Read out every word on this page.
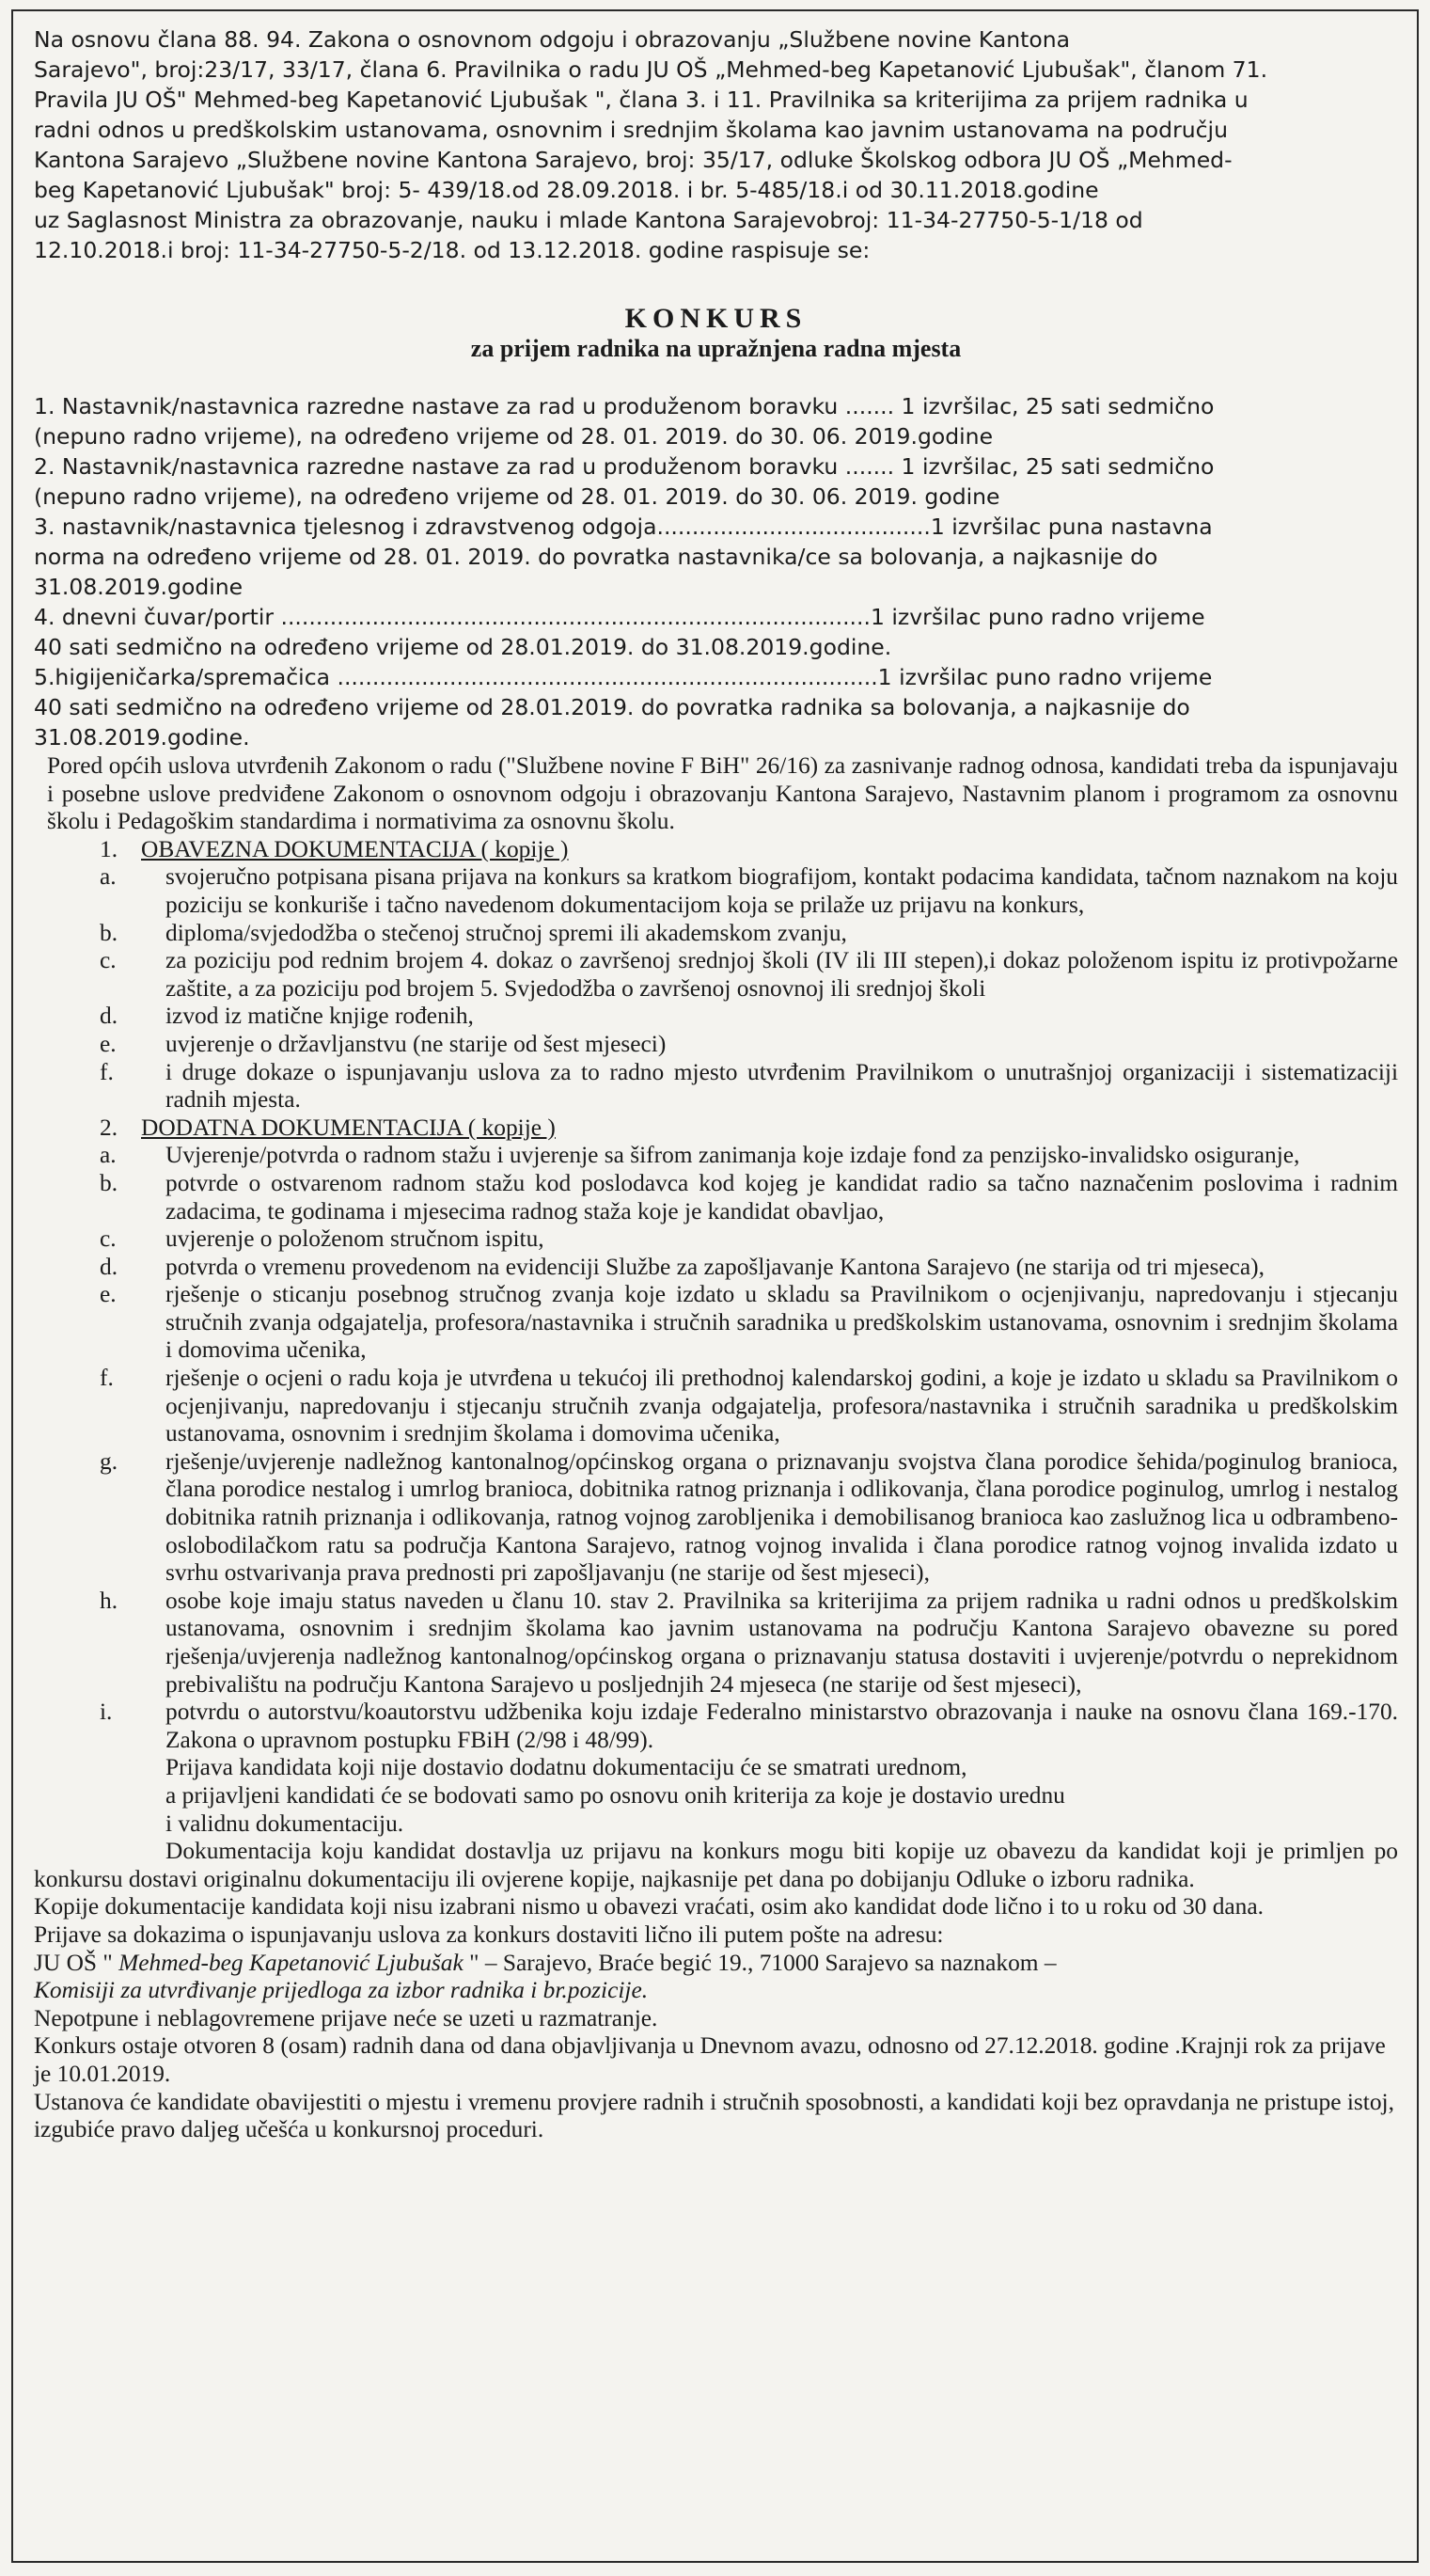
Na osnovu člana 88. 94. Zakona o osnovnom odgoju i obrazovanju „Službene novine Kantona

Sarajevo", broj:23/17, 33/17, člana 6. Pravilnika o radu JU OŠ „Mehmed-beg Kapetanović Ljubušak", članom 71.

Pravila JU OŠ" Mehmed-beg Kapetanović Ljubušak ", člana 3. i 11. Pravilnika sa kriterijima za prijem radnika u

radni odnos u predškolskim ustanovama, osnovnim i srednjim školama kao javnim ustanovama na području

Kantona Sarajevo „Službene novine Kantona Sarajevo, broj: 35/17, odluke Školskog odbora JU OŠ „Mehmed-

beg Kapetanović Ljubušak" broj: 5- 439/18.od 28.09.2018. i br. 5-485/18.i od 30.11.2018.godine

uz Saglasnost Ministra za obrazovanje, nauku i mlade Kantona Sarajevobroj: 11-34-27750-5-1/18 od

12.10.2018.i broj: 11-34-27750-5-2/18. od 13.12.2018. godine raspisuje se:

KONKURS
za prijem radnika na upražnjena radna mjesta

1. Nastavnik/nastavnica razredne nastave za rad u produženom boravku ....... 1 izvršilac, 25 sati sedmično

(nepuno radno vrijeme), na određeno vrijeme od 28. 01. 2019. do 30. 06. 2019.godine

2. Nastavnik/nastavnica razredne nastave za rad u produženom boravku ....... 1 izvršilac, 25 sati sedmično

(nepuno radno vrijeme), na određeno vrijeme od 28. 01. 2019. do 30. 06. 2019. godine

3. nastavnik/nastavnica tjelesnog i zdravstvenog odgoja.......................................1 izvršilac puna nastavna

norma na određeno vrijeme od 28. 01. 2019. do povratka nastavnika/ce sa bolovanja, a najkasnije do

31.08.2019.godine

4. dnevni čuvar/portir ....................................................................................1 izvršilac puno radno vrijeme

40 sati sedmično na određeno vrijeme od 28.01.2019. do 31.08.2019.godine.

5.higijeničarka/spremačica .............................................................................1 izvršilac puno radno vrijeme

40 sati sedmično na određeno vrijeme od 28.01.2019. do povratka radnika sa bolovanja, a najkasnije do

31.08.2019.godine.

Pored općih uslova utvrđenih Zakonom o radu ("Službene novine F BiH" 26/16) za zasnivanje radnog odnosa, kandidati treba da ispunjavaju i posebne uslove predviđene Zakonom o osnovnom odgoju i obrazovanju Kantona Sarajevo, Nastavnim planom i programom za osnovnu školu i Pedagoškim standardima i normativima za osnovnu školu.

1. OBAVEZNA DOKUMENTACIJA ( kopije )
a.	svojeručno potpisana pisana prijava na konkurs sa kratkom biografijom, kontakt podacima kandidata, tačnom naznakom na koju poziciju se konkuriše i tačno navedenom dokumentacijom koja se prilaže uz prijavu na konkurs,
b.	diploma/svjedodžba o stečenoj stručnoj spremi ili akademskom zvanju,
c.	za poziciju pod rednim brojem 4. dokaz o završenoj srednjoj školi (IV ili III stepen),i dokaz položenom ispitu iz protivpožarne zaštite, a za poziciju pod brojem 5. Svjedodžba o završenoj osnovnoj ili srednjoj školi
d.	izvod iz matične knjige rođenih,
e.	uvjerenje o državljanstvu (ne starije od šest mjeseci)
f.	i druge dokaze o ispunjavanju uslova za to radno mjesto utvrđenim Pravilnikom o unutrašnjoj organizaciji i sistematizaciji radnih mjesta.
2. DODATNA DOKUMENTACIJA ( kopije )
a.	Uvjerenje/potvrda o radnom stažu i uvjerenje sa šifrom zanimanja koje izdaje fond za penzijsko-invalidsko osiguranje,
b.	potvrde o ostvarenom radnom stažu kod poslodavca kod kojeg je kandidat radio sa tačno naznačenim poslovima i radnim zadacima, te godinama i mjesecima radnog staža koje je kandidat obavljao,
c.	uvjerenje o položenom stručnom ispitu,
d.	potvrda o vremenu provedenom na evidenciji Službe za zapošljavanje Kantona Sarajevo (ne starija od tri mjeseca),
e.	rješenje o sticanju posebnog stručnog zvanja koje izdato u skladu sa Pravilnikom o ocjenjivanju, napredovanju i stjecanju stručnih zvanja odgajatelja, profesora/nastavnika i stručnih saradnika u predškolskim ustanovama, osnovnim i srednjim školama i domovima učenika,
f.	rješenje o ocjeni o radu koja je utvrđena u tekućoj ili prethodnoj kalendarskoj godini, a koje je izdato u skladu sa Pravilnikom o ocjenjivanju, napredovanju i stjecanju stručnih zvanja odgajatelja, profesora/nastavnika i stručnih saradnika u predškolskim ustanovama, osnovnim i srednjim školama i domovima učenika,
g.	rješenje/uvjerenje nadležnog kantonalnog/općinskog organa o priznavanju svojstva člana porodice šehida/poginulog branioca, člana porodice nestalog i umrlog branioca, dobitnika ratnog priznanja i odlikovanja, člana porodice poginulog, umrlog i nestalog dobitnika ratnih priznanja i odlikovanja, ratnog vojnog zarobljenika i demobilisanog branioca kao zaslužnog lica u odbrambeno-oslobodilačkom ratu sa područja Kantona Sarajevo, ratnog vojnog invalida i člana porodice ratnog vojnog invalida izdato u svrhu ostvarivanja prava prednosti pri zapošljavanju (ne starije od šest mjeseci),
h.	osobe koje imaju status naveden u članu 10. stav 2. Pravilnika sa kriterijima za prijem radnika u radni odnos u predškolskim ustanovama, osnovnim i srednjim školama kao javnim ustanovama na području Kantona Sarajevo obavezne su pored rješenja/uvjerenja nadležnog kantonalnog/općinskog organa o priznavanju statusa dostaviti i uvjerenje/potvrdu o neprekidnom prebivalištu na području Kantona Sarajevo u posljednjih 24 mjeseca (ne starije od šest mjeseci),
i.	potvrdu o autorstvu/koautorstvu udžbenika koju izdaje Federalno ministarstvo obrazovanja i nauke na osnovu člana 169.-170. Zakona o upravnom postupku FBiH (2/98 i 48/99).

Prijava kandidata koji nije dostavio dodatnu dokumentaciju će se smatrati urednom,

a prijavljeni kandidati će se bodovati samo po osnovu onih kriterija za koje je dostavio urednu

i validnu dokumentaciju.

Dokumentacija koju kandidat dostavlja uz prijavu na konkurs mogu biti kopije uz obavezu da kandidat koji je primljen po konkursu dostavi originalnu dokumentaciju ili ovjerene kopije, najkasnije pet dana po dobijanju Odluke o izboru radnika.

Kopije dokumentacije kandidata koji nisu izabrani nismo u obavezi vraćati, osim ako kandidat dode lično i to u roku od 30 dana.

Prijave sa dokazima o ispunjavanju uslova za konkurs dostaviti lično ili putem pošte na adresu:

JU OŠ " Mehmed-beg Kapetanović Ljubušak " – Sarajevo, Braće begić 19., 71000 Sarajevo sa naznakom –

Komisiji za utvrđivanje prijedloga za izbor radnika i br.pozicije.

Nepotpune i neblagovremene prijave neće se uzeti u razmatranje.

Konkurs ostaje otvoren 8 (osam) radnih dana od dana objavljivanja u Dnevnom avazu, odnosno od 27.12.2018. godine .Krajnji rok za prijave je 10.01.2019.

Ustanova će kandidate obavijestiti o mjestu i vremenu provjere radnih i stručnih sposobnosti, a kandidati koji bez opravdanja ne pristupe istoj, izgubiće pravo daljeg učešća u konkursnoj proceduri.
